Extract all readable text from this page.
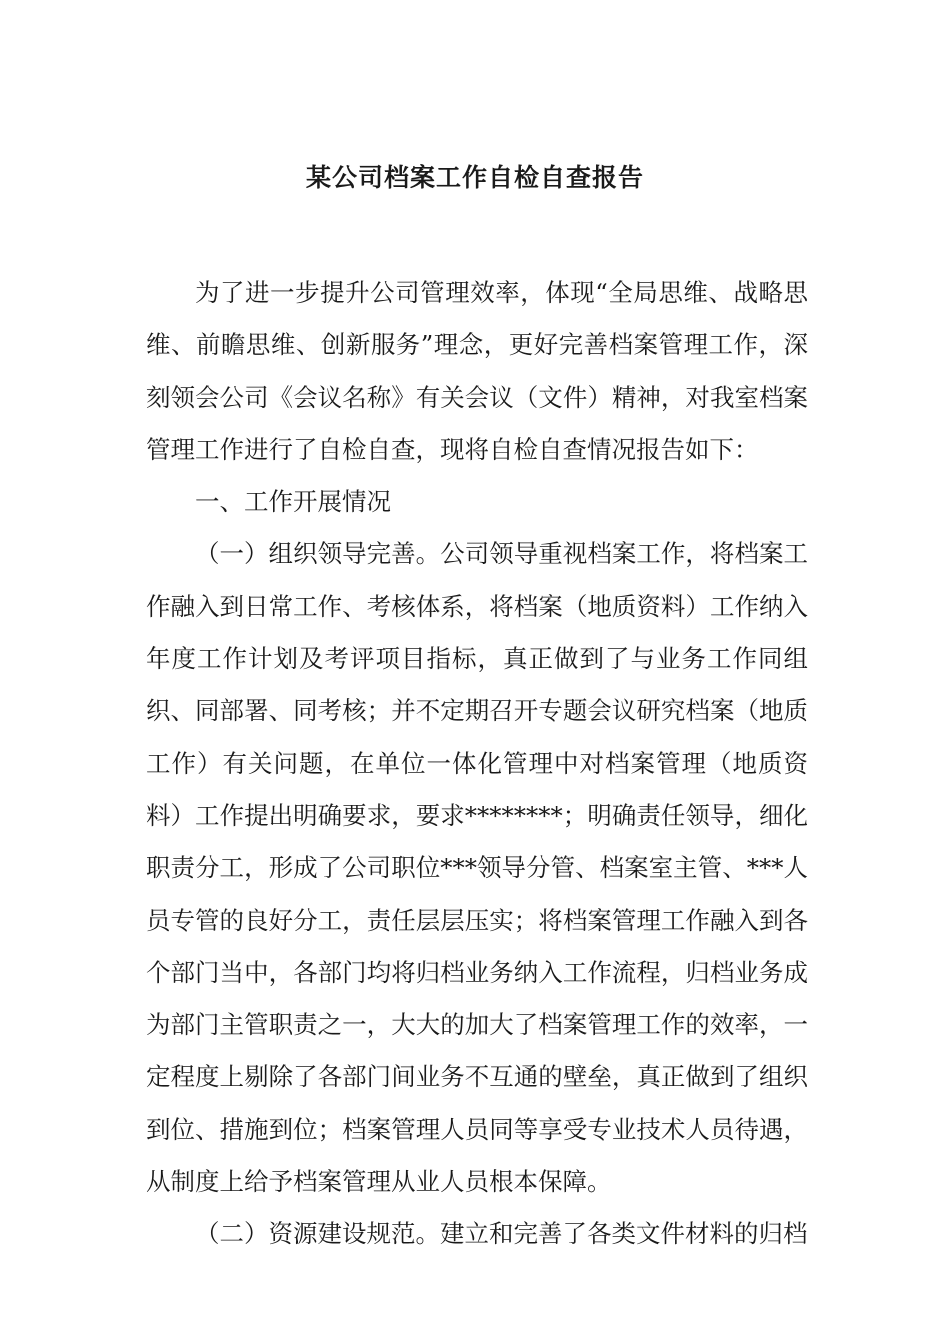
某公司档案工作自检自查报告

为了进一步提升公司管理效率，体现“全局思维、战略思维、前瞻思维、创新服务”理念，更好完善档案管理工作，深刻领会公司《会议名称》有关会议（文件）精神，对我室档案管理工作进行了自检自查，现将自检自查情况报告如下：

一、工作开展情况

（一）组织领导完善。公司领导重视档案工作，将档案工作融入到日常工作、考核体系，将档案（地质资料）工作纳入年度工作计划及考评项目指标，真正做到了与业务工作同组织、同部署、同考核；并不定期召开专题会议研究档案（地质工作）有关问题，在单位一体化管理中对档案管理（地质资料）工作提出明确要求，要求********；明确责任领导，细化职责分工，形成了公司职位***领导分管、档案室主管、***人员专管的良好分工，责任层层压实；将档案管理工作融入到各个部门当中，各部门均将归档业务纳入工作流程，归档业务成为部门主管职责之一，大大的加大了档案管理工作的效率，一定程度上剔除了各部门间业务不互通的壁垒，真正做到了组织到位、措施到位；档案管理人员同等享受专业技术人员待遇，从制度上给予档案管理从业人员根本保障。

（二）资源建设规范。建立和完善了各类文件材料的归档
